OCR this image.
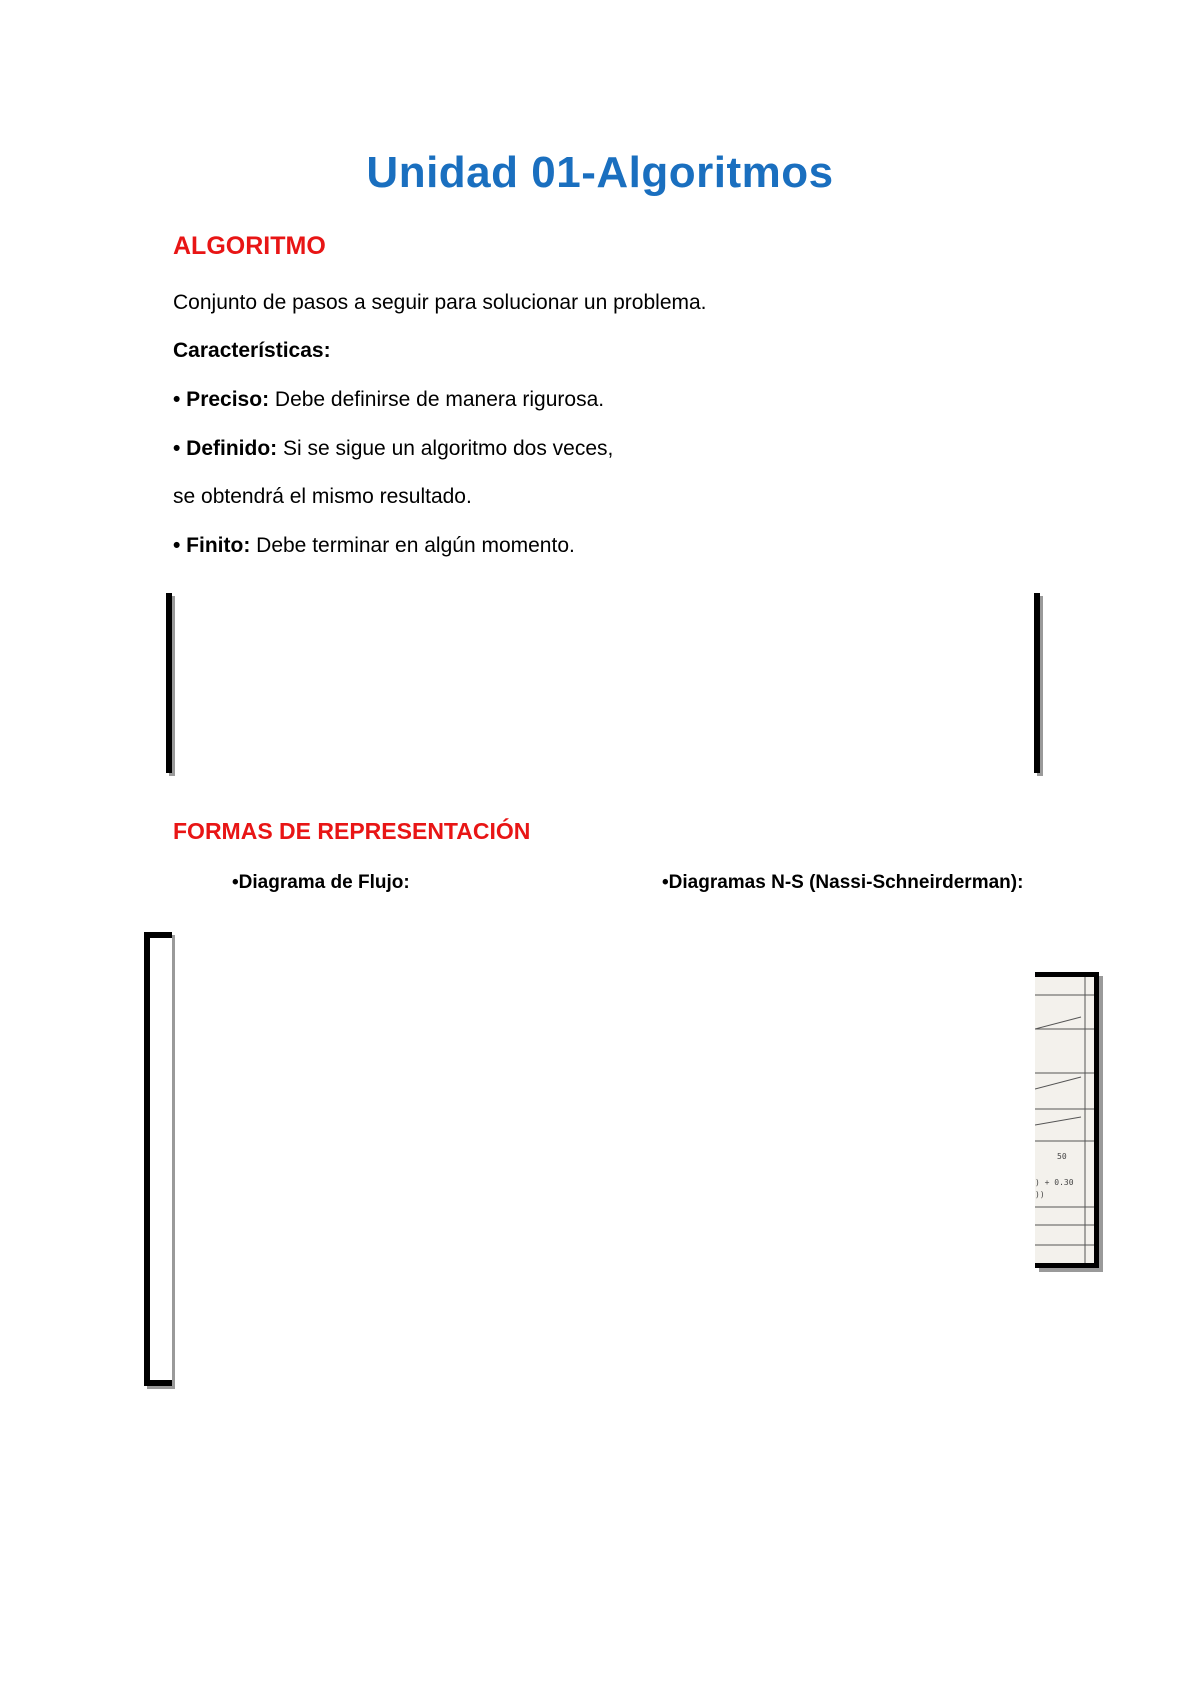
Unidad 01-Algoritmos
ALGORITMO
Conjunto de pasos a seguir para solucionar un problema.
Características:
• Preciso: Debe definirse de manera rigurosa.
• Definido: Si se sigue un algoritmo dos veces,
se obtendrá el mismo resultado.
• Finito: Debe terminar en algún momento.
FORMAS DE REPRESENTACIÓN
•Diagrama de Flujo:	•Diagramas N-S (Nassi-Schneirderman):
50
) + 0.30
))
